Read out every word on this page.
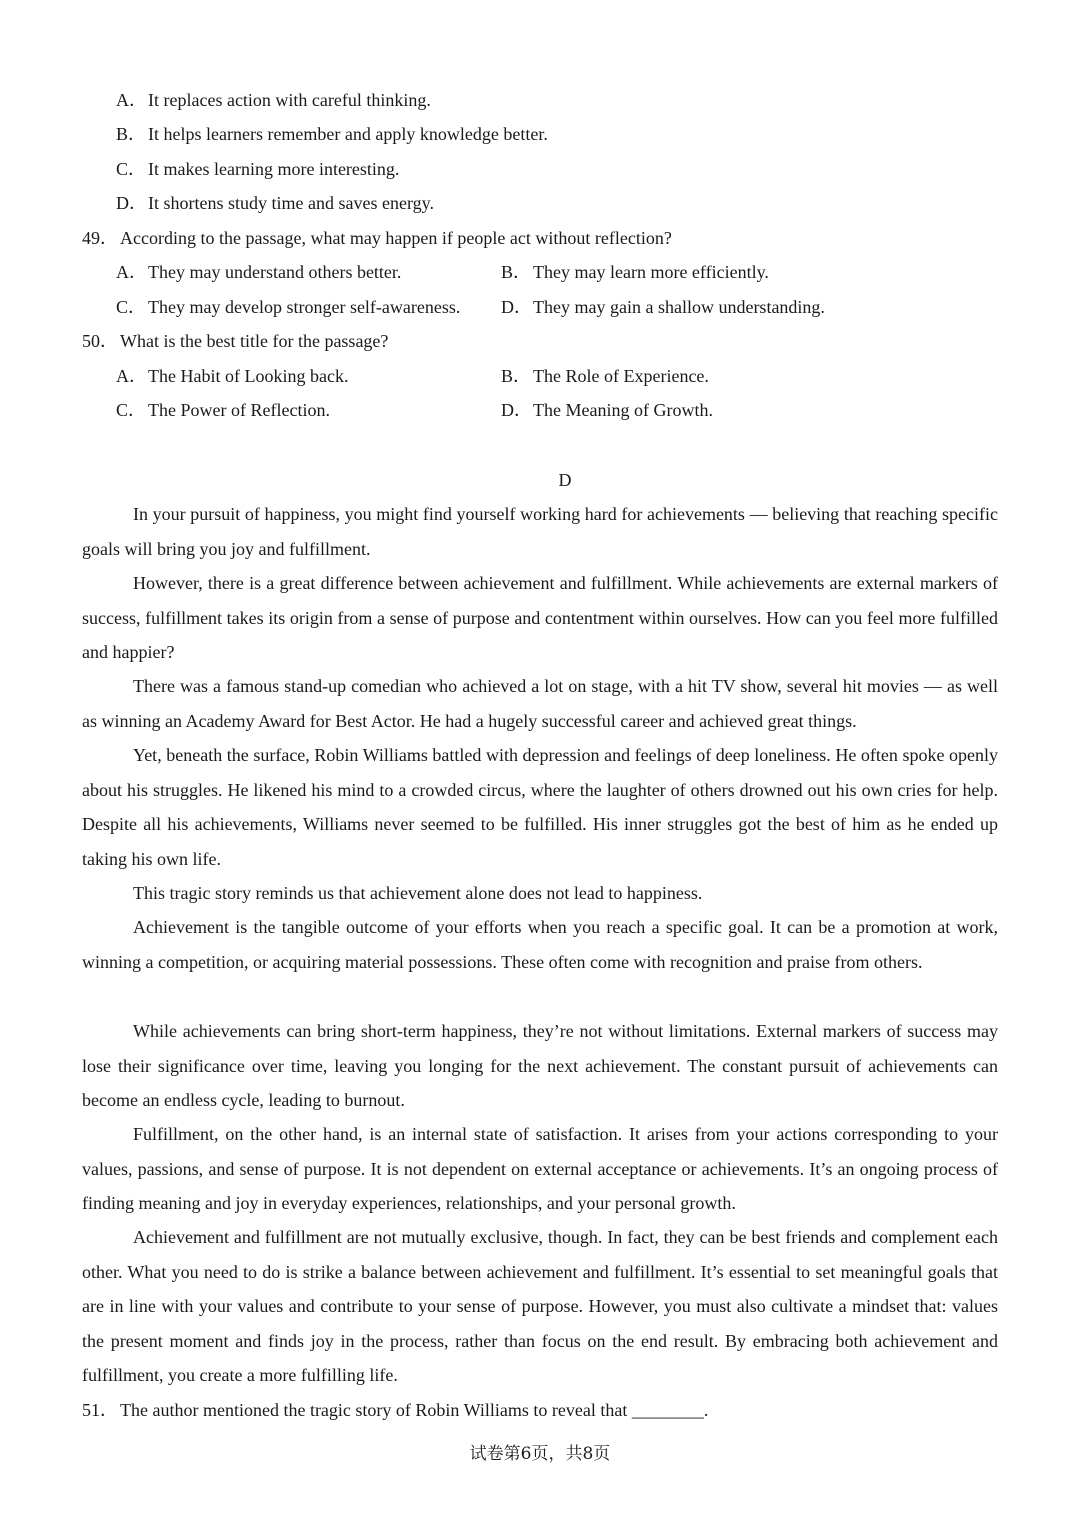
A．It replaces action with careful thinking.
B． It helps learners remember and apply knowledge better.
C． It makes learning more interesting.
D．It shortens study time and saves energy.
49． According to the passage, what may happen if people act without reflection?
A．They may understand others better.	B． They may learn more efficiently.
C． They may develop stronger self-awareness. D．They may gain a shallow understanding.
50． What is the best title for the passage?
A．The Habit of Looking back.	B． The Role of Experience.
C． The Power of Reflection.	D．The Meaning of Growth.
D

In your pursuit of happiness, you might find yourself working hard for achievements — believing that reaching specific goals will bring you joy and fulfillment.

However, there is a great difference between achievement and fulfillment. While achievements are external markers of success, fulfillment takes its origin from a sense of purpose and contentment within ourselves. How can you feel more fulfilled and happier?

There was a famous stand-up comedian who achieved a lot on stage, with a hit TV show, several hit movies — as well as winning an Academy Award for Best Actor. He had a hugely successful career and achieved great things.

Yet, beneath the surface, Robin Williams battled with depression and feelings of deep loneliness. He often spoke openly about his struggles. He likened his mind to a crowded circus, where the laughter of others drowned out his own cries for help. Despite all his achievements, Williams never seemed to be fulfilled. His inner struggles got the best of him as he ended up taking his own life.

This tragic story reminds us that achievement alone does not lead to happiness.

Achievement is the tangible outcome of your efforts when you reach a specific goal. It can be a promotion at work, winning a competition, or acquiring material possessions. These often come with recognition and praise from others.

While achievements can bring short-term happiness, they’re not without limitations. External markers of success may lose their significance over time, leaving you longing for the next achievement. The constant pursuit of achievements can become an endless cycle, leading to burnout.

Fulfillment, on the other hand, is an internal state of satisfaction. It arises from your actions corresponding to your values, passions, and sense of purpose. It is not dependent on external acceptance or achievements. It’s an ongoing process of finding meaning and joy in everyday experiences, relationships, and your personal growth.

Achievement and fulfillment are not mutually exclusive, though. In fact, they can be best friends and complement each other. What you need to do is strike a balance between achievement and fulfillment. It’s essential to set meaningful goals that are in line with your values and contribute to your sense of purpose. However, you must also cultivate a mindset that: values the present moment and finds joy in the process, rather than focus on the end result. By embracing both achievement and fulfillment, you create a more fulfilling life.

51． The author mentioned the tragic story of Robin Williams to reveal that ________.
试卷第6页，共8页
